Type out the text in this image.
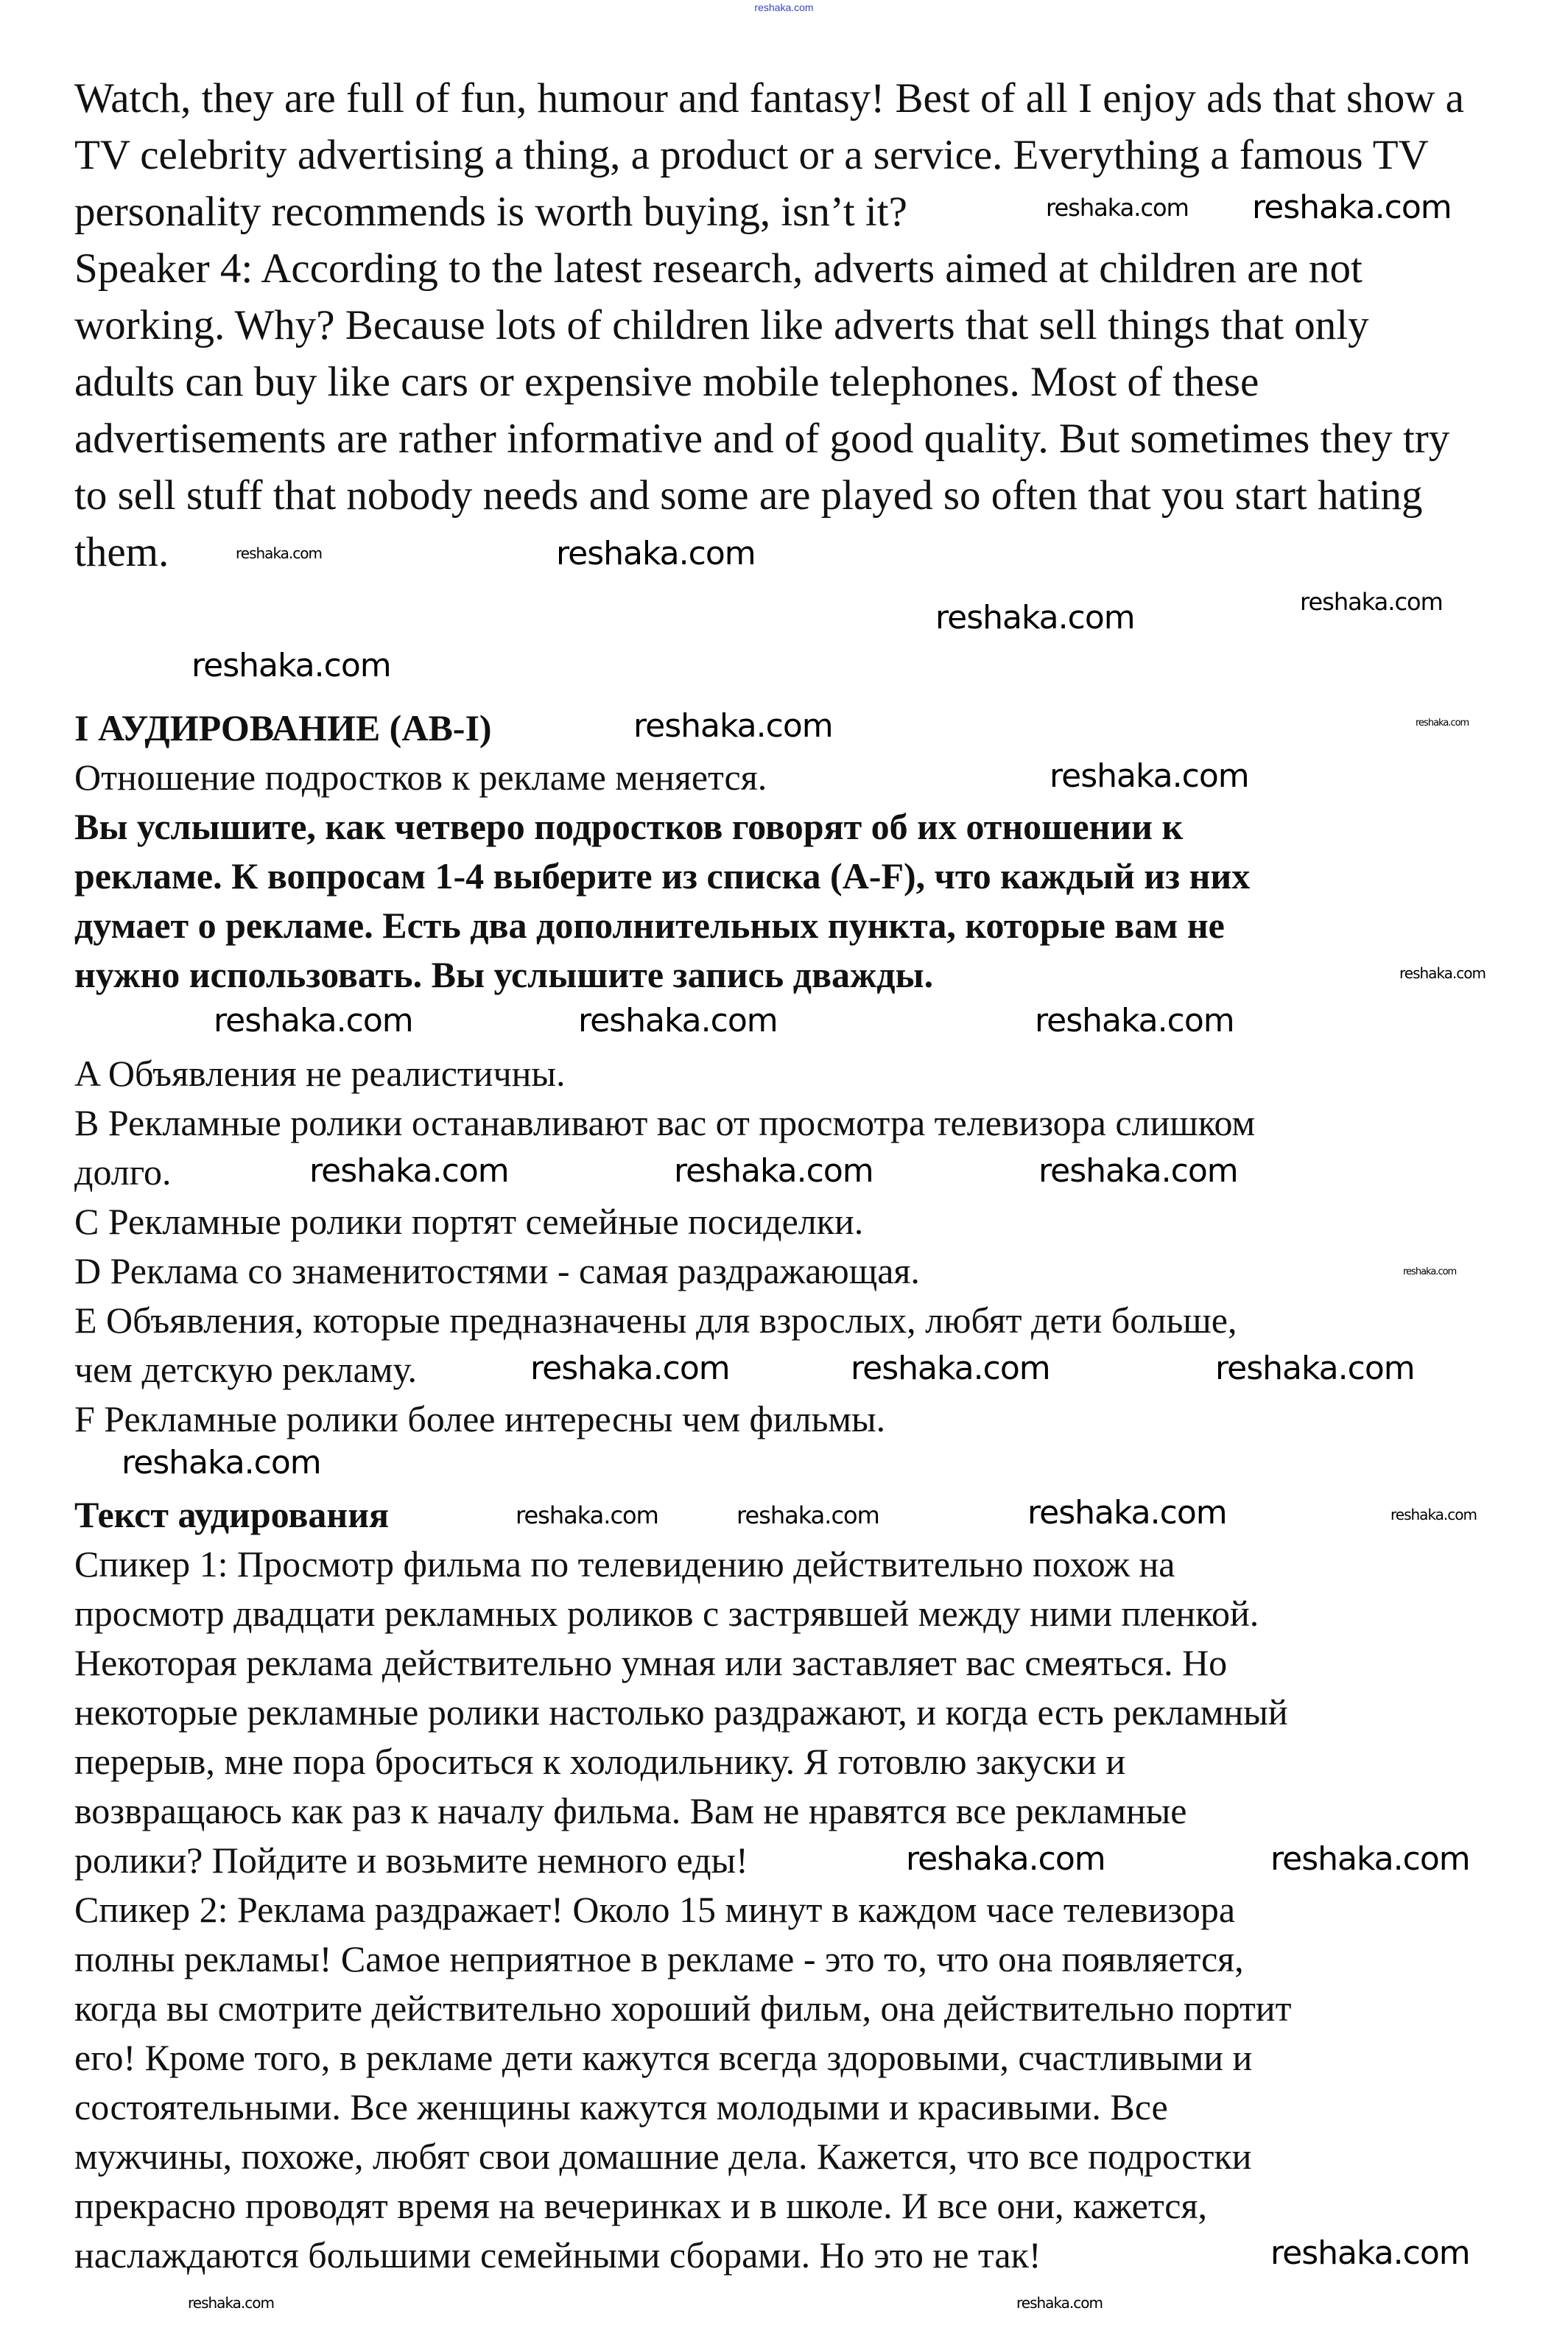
reshaka.com
Watch, they are full of fun, humour and fantasy! Best of all I enjoy ads that show a
TV celebrity advertising a thing, a product or a service. Everything a famous TV
personality recommends is worth buying, isn’t it?
Speaker 4: According to the latest research, adverts aimed at children are not
working. Why? Because lots of children like adverts that sell things that only
adults can buy like cars or expensive mobile telephones. Most of these
advertisements are rather informative and of good quality. But sometimes they try
to sell stuff that nobody needs and some are played so often that you start hating
them.
I АУДИРОВАНИЕ (AB-I)
Отношение подростков к рекламе меняется.
Вы услышите, как четверо подростков говорят об их отношении к
рекламе. К вопросам 1-4 выберите из списка (A-F), что каждый из них
думает о рекламе. Есть два дополнительных пункта, которые вам не
нужно использовать. Вы услышите запись дважды.
A Объявления не реалистичны.
B Рекламные ролики останавливают вас от просмотра телевизора слишком
долго.
C Рекламные ролики портят семейные посиделки.
D Реклама со знаменитостями - самая раздражающая.
E Объявления, которые предназначены для взрослых, любят дети больше,
чем детскую рекламу.
F Рекламные ролики более интересны чем фильмы.
Текст аудирования
Спикер 1: Просмотр фильма по телевидению действительно похож на
просмотр двадцати рекламных роликов с застрявшей между ними пленкой.
Некоторая реклама действительно умная или заставляет вас смеяться. Но
некоторые рекламные ролики настолько раздражают, и когда есть рекламный
перерыв, мне пора броситься к холодильнику. Я готовлю закуски и
возвращаюсь как раз к началу фильма. Вам не нравятся все рекламные
ролики? Пойдите и возьмите немного еды!
Спикер 2: Реклама раздражает! Около 15 минут в каждом часе телевизора
полны рекламы! Самое неприятное в рекламе - это то, что она появляется,
когда вы смотрите действительно хороший фильм, она действительно портит
его! Кроме того, в рекламе дети кажутся всегда здоровыми, счастливыми и
состоятельными. Все женщины кажутся молодыми и красивыми. Все
мужчины, похоже, любят свои домашние дела. Кажется, что все подростки
прекрасно проводят время на вечеринках и в школе. И все они, кажется,
наслаждаются большими семейными сборами. Но это не так!
reshaka.com reshaka.com
reshaka.com	reshaka.com
reshaka.com	reshaka.com
reshaka.com
reshaka.com	reshaka.com
reshaka.com
reshaka.com
reshaka.com	reshaka.com	reshaka.com
reshaka.com	reshaka.com	reshaka.com
reshaka.com
reshaka.com	reshaka.com	reshaka.com
reshaka.com
reshaka.com	reshaka.com	reshaka.com	reshaka.com
reshaka.com	reshaka.com
reshaka.com
reshaka.com	reshaka.com
